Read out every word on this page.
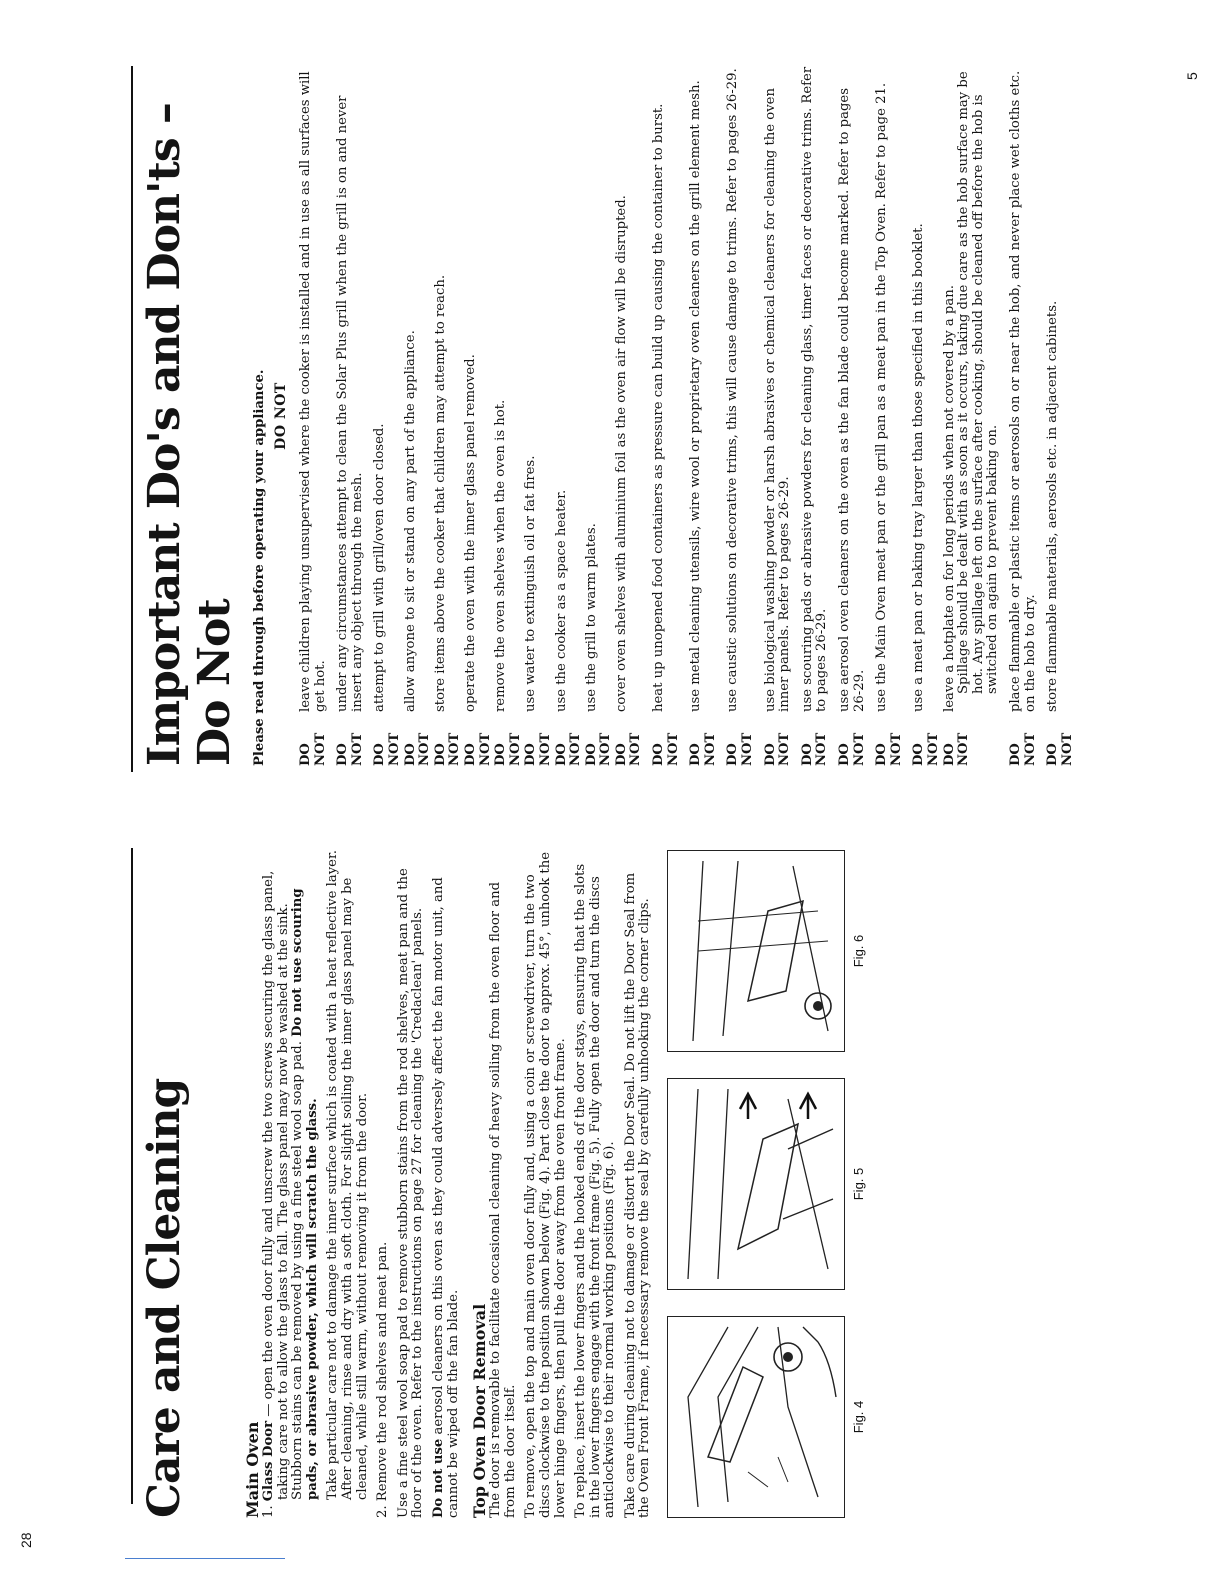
28
5
Care and Cleaning	Main Oven 1. Glass Door — open the oven door fully and unscrew the two screws securing the glass panel, taking care not to allow the glass to fall. The glass panel may now be washed at the sink. Stubborn stains can be removed by using a fine steel wool soap pad. Do not use scouring pads, or abrasive powder, which will scratch the glass. Take particular care not to damage the inner surface which is coated with a heat reflective layer. After cleaning, rinse and dry with a soft cloth. For slight soiling the inner glass panel may be cleaned, while still warm, without removing it from the door.

2. Remove the rod shelves and meat pan. Use a fine steel wool soap pad to remove stubborn stains from the rod shelves, meat pan and the floor of the oven. Refer to the instructions on page 27 for cleaning the 'Credaclean' panels. Do not use aerosol cleaners on this oven as they could adversely affect the fan motor unit, and cannot be wiped off the fan blade. Top Oven Door Removal The door is removable to facilitate occasional cleaning of heavy soiling from the oven floor and from the door itself. To remove, open the top and main oven door fully and, using a coin or screwdriver, turn the two discs clockwise to the position shown below (Fig. 4). Part close the door to approx. 45°, unhook the lower hinge fingers, then pull the door away from the oven front frame. To replace, insert the lower fingers and the hooked ends of the door stays, ensuring that the slots in the lower fingers engage with the front frame (Fig. 5). Fully open the door and turn the discs anticlockwise to their normal working positions (Fig. 6). Take care during cleaning not to damage or distort the Door Seal. Do not lift the Door Seal from the Oven Front Frame, if necessary remove the seal by carefully unhooking the corner clips.	Fig. 4
Fig. 5
Fig. 6
Important Do's and Don'ts – Do Not Please read through before operating your appliance. DO NOT
DO NOT
leave children playing unsupervised where the cooker is installed and in use as all surfaces will get hot.
DO NOT
under any circumstances attempt to clean the Solar Plus grill when the grill is on and never insert any object through the mesh.
DO NOT
attempt to grill with grill/oven door closed.
DO NOT
allow anyone to sit or stand on any part of the appliance.
DO NOT
store items above the cooker that children may attempt to reach.
DO NOT
operate the oven with the inner glass panel removed.
DO NOT
remove the oven shelves when the oven is hot.
DO NOT
use water to extinguish oil or fat fires.
DO NOT
use the cooker as a space heater.
DO NOT
use the grill to warm plates.
DO NOT
cover oven shelves with aluminium foil as the oven air flow will be disrupted.
DO NOT
heat up unopened food containers as pressure can build up causing the container to burst.
DO NOT
use metal cleaning utensils, wire wool or proprietary oven cleaners on the grill element mesh.
DO NOT
use caustic solutions on decorative trims, this will cause damage to trims. Refer to pages 26-29.
DO NOT
use biological washing powder or harsh abrasives or chemical cleaners for cleaning the oven inner panels. Refer to pages 26-29.
DO NOT
use scouring pads or abrasive powders for cleaning glass, timer faces or decorative trims. Refer to pages 26-29.
DO NOT
use aerosol oven cleaners on the oven as the fan blade could become marked. Refer to pages 26-29.
DO NOT
use the Main Oven meat pan or the grill pan as a meat pan in the Top Oven. Refer to page 21.
DO NOT
use a meat pan or baking tray larger than those specified in this booklet.
DO NOT
leave a hotplate on for long periods when not covered by a pan. Spillage should be dealt with as soon as it occurs, taking due care as the hob surface may be hot. Any spillage left on the surface after cooking, should be cleaned off before the hob is switched on again to prevent baking on.
DO NOT
place flammable or plastic items or aerosols on or near the hob, and never place wet cloths etc. on the hob to dry.
DO NOT
store flammable materials, aerosols etc. in adjacent cabinets.
